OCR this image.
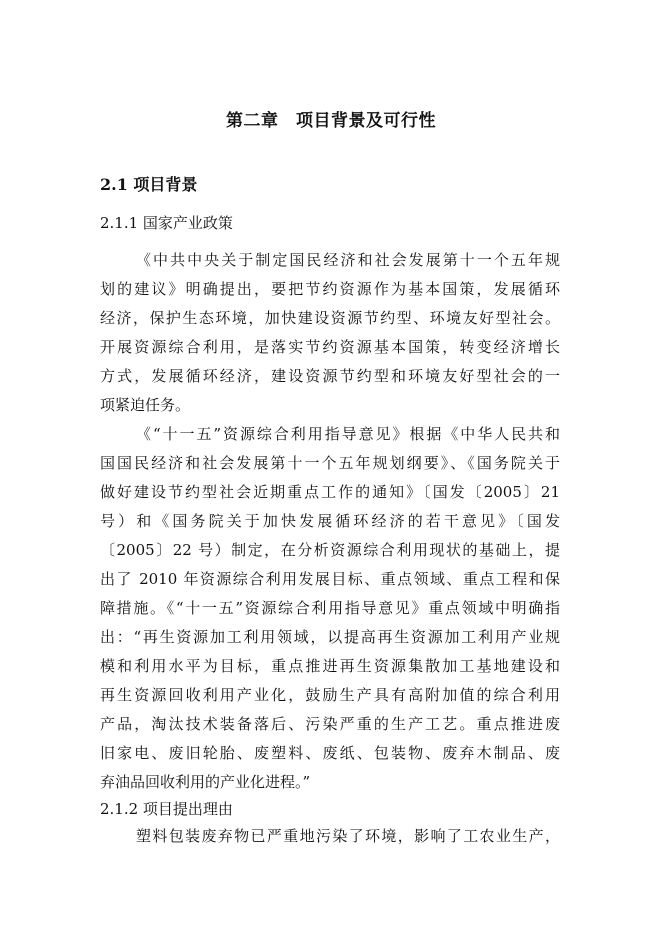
第二章　项目背景及可行性
2.1 项目背景
2.1.1 国家产业政策
《中共中央关于制定国民经济和社会发展第十一个五年规
划的建议》明确提出，要把节约资源作为基本国策，发展循环
经济，保护生态环境，加快建设资源节约型、环境友好型社会。
开展资源综合利用，是落实节约资源基本国策，转变经济增长
方式，发展循环经济，建设资源节约型和环境友好型社会的一
项紧迫任务。
《“十一五”资源综合利用指导意见》根据《中华人民共和
国国民经济和社会发展第十一个五年规划纲要》、《国务院关于
做好建设节约型社会近期重点工作的通知》〔国发〔2005〕21
号）和《国务院关于加快发展循环经济的若干意见》〔国发
〔2005〕22 号）制定，在分析资源综合利用现状的基础上，提
出了 2010 年资源综合利用发展目标、重点领域、重点工程和保
障措施。《“十一五”资源综合利用指导意见》重点领域中明确指
出：“再生资源加工利用领域，以提高再生资源加工利用产业规
模和利用水平为目标，重点推进再生资源集散加工基地建设和
再生资源回收利用产业化，鼓励生产具有高附加值的综合利用
产品，淘汰技术装备落后、污染严重的生产工艺。重点推进废
旧家电、废旧轮胎、废塑料、废纸、包装物、废弃木制品、废
弃油品回收利用的产业化进程。”
2.1.2 项目提出理由
塑料包装废弃物已严重地污染了环境，影响了工农业生产，
